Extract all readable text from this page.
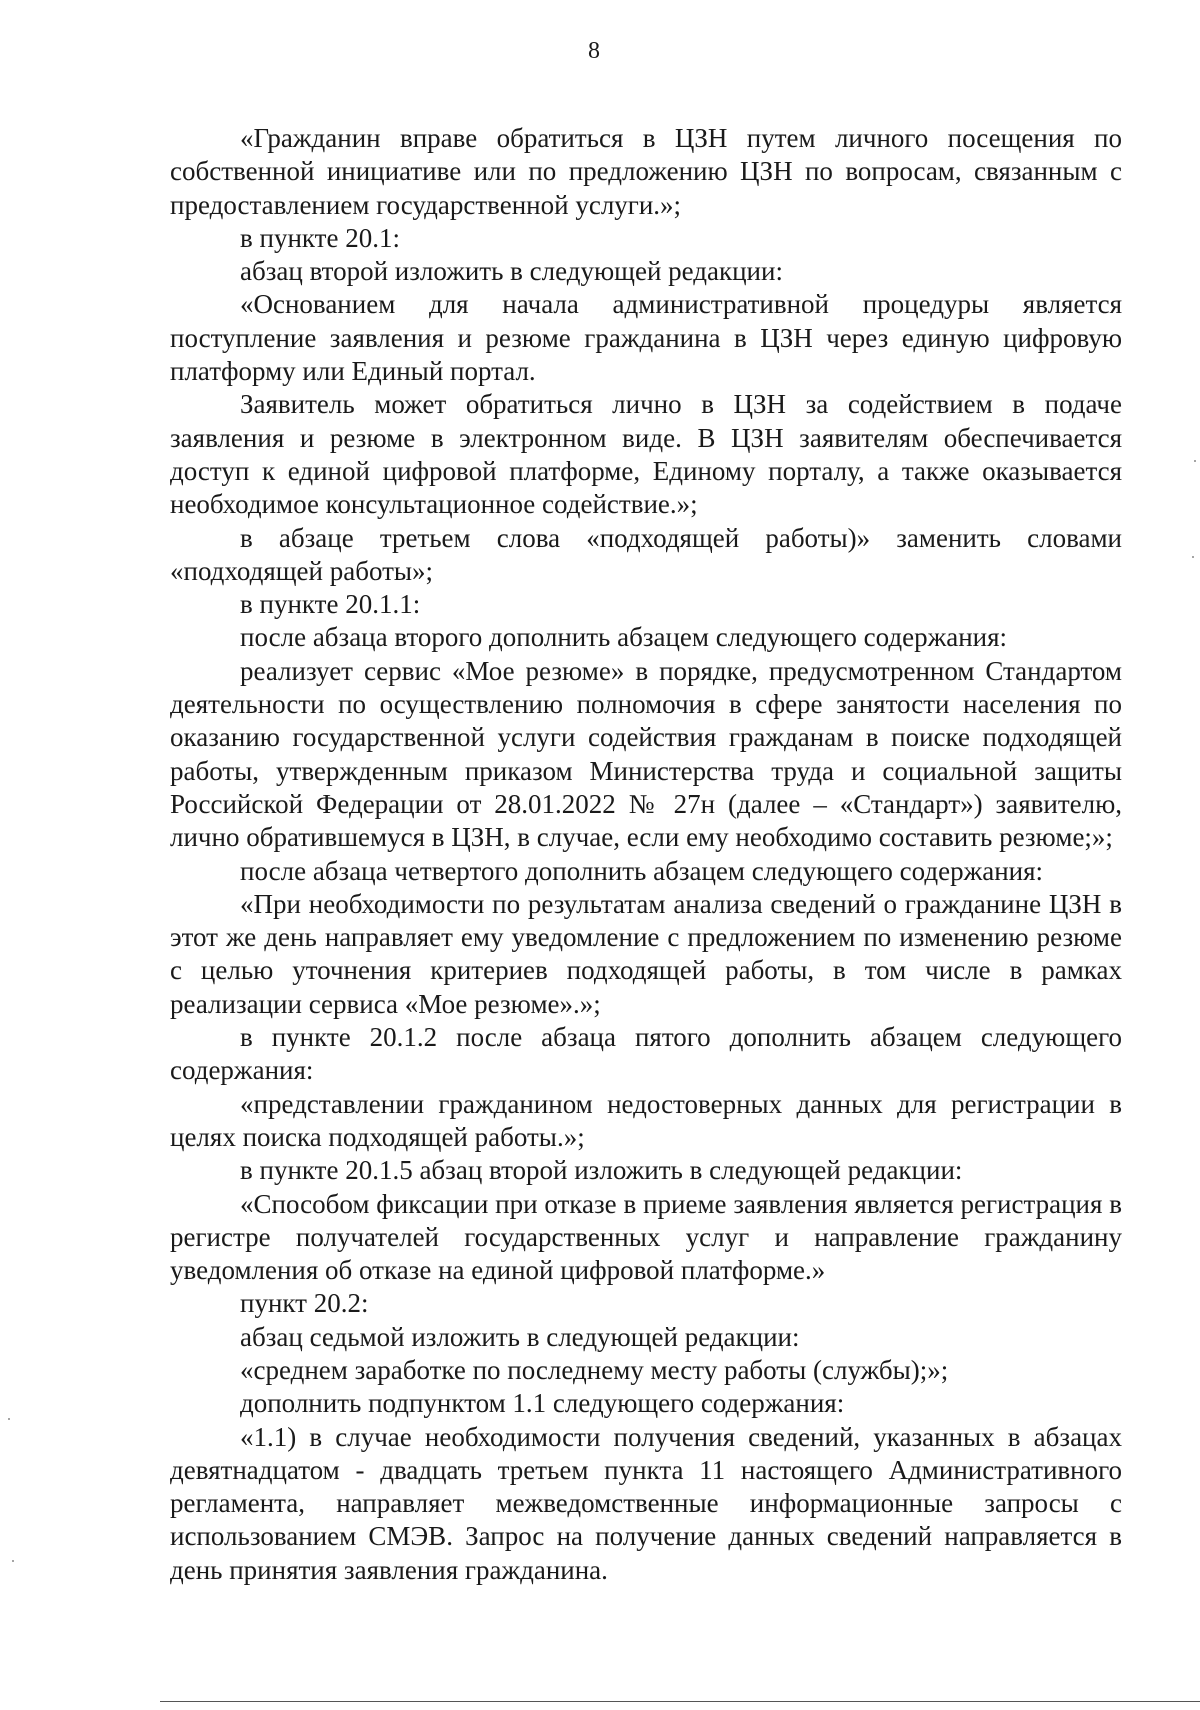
8

«Гражданин вправе обратиться в ЦЗН путем личного посещения по собственной инициативе или по предложению ЦЗН по вопросам, связанным с предоставлением государственной услуги.»;

в пункте 20.1:

абзац второй изложить в следующей редакции:

«Основанием для начала административной процедуры является поступление заявления и резюме гражданина в ЦЗН через единую цифровую платформу или Единый портал.

Заявитель может обратиться лично в ЦЗН за содействием в подаче заявления и резюме в электронном виде. В ЦЗН заявителям обеспечивается доступ к единой цифровой платформе, Единому порталу, а также оказывается необходимое консультационное содействие.»;

в абзаце третьем слова «подходящей работы)» заменить словами «подходящей работы»;

в пункте 20.1.1:

после абзаца второго дополнить абзацем следующего содержания:

реализует сервис «Мое резюме» в порядке, предусмотренном Стандартом деятельности по осуществлению полномочия в сфере занятости населения по оказанию государственной услуги содействия гражданам в поиске подходящей работы, утвержденным приказом Министерства труда и социальной защиты Российской Федерации от 28.01.2022 № 27н (далее – «Стандарт») заявителю, лично обратившемуся в ЦЗН, в случае, если ему необходимо составить резюме;»;

после абзаца четвертого дополнить абзацем следующего содержания:

«При необходимости по результатам анализа сведений о гражданине ЦЗН в этот же день направляет ему уведомление с предложением по изменению резюме с целью уточнения критериев подходящей работы, в том числе в рамках реализации сервиса «Мое резюме».»;

в пункте 20.1.2 после абзаца пятого дополнить абзацем следующего содержания:

«представлении гражданином недостоверных данных для регистрации в целях поиска подходящей работы.»;

в пункте 20.1.5 абзац второй изложить в следующей редакции:

«Способом фиксации при отказе в приеме заявления является регистрация в регистре получателей государственных услуг и направление гражданину уведомления об отказе на единой цифровой платформе.»

пункт 20.2:

абзац седьмой изложить в следующей редакции:

«среднем заработке по последнему месту работы (службы);»;

дополнить подпунктом 1.1 следующего содержания:

«1.1) в случае необходимости получения сведений, указанных в абзацах девятнадцатом - двадцать третьем пункта 11 настоящего Административного регламента, направляет межведомственные информационные запросы с использованием СМЭВ. Запрос на получение данных сведений направляется в день принятия заявления гражданина.
